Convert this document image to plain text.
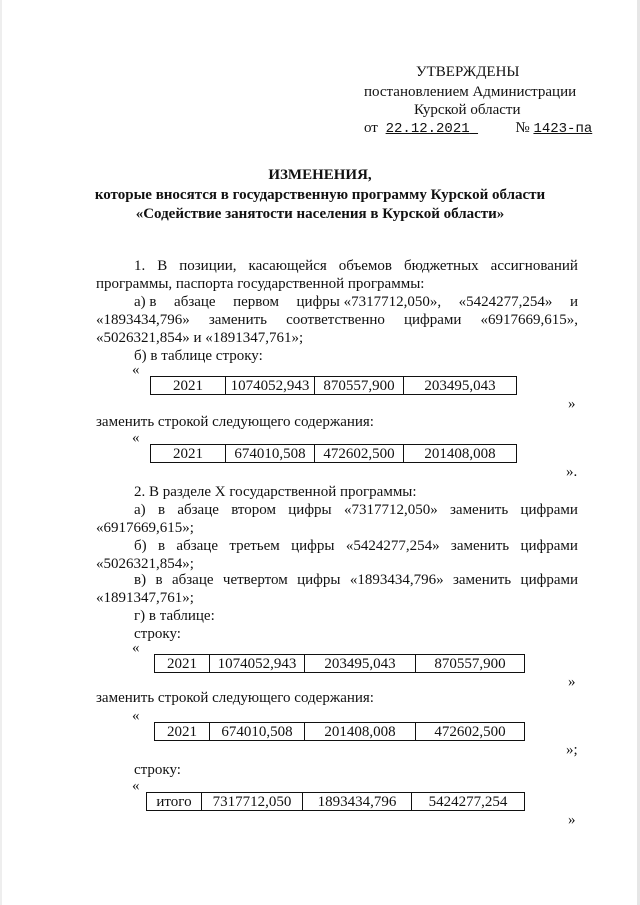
УТВЕРЖДЕНЫ
постановлением Администрации
Курской области
от 22.12.2021	№ 1423-па
ИЗМЕНЕНИЯ,
которые вносятся в государственную программу Курской области
«Содействие занятости населения в Курской области»
1. В позиции, касающейся объемов бюджетных ассигнований
программы, паспорта государственной программы:
а) в абзаце первом цифры «7317712,050», «5424277,254» и
«1893434,796» заменить соответственно цифрами «6917669,615»,
«5026321,854» и «1891347,761»;
б) в таблице строку:
«
2021	1074052,943	870557,900	203495,043
»
заменить строкой следующего содержания:
«
2021	674010,508	472602,500	201408,008
».
2. В разделе X государственной программы:
а) в абзаце втором цифры «7317712,050» заменить цифрами
«6917669,615»;
б) в абзаце третьем цифры «5424277,254» заменить цифрами
«5026321,854»;
в) в абзаце четвертом цифры «1893434,796» заменить цифрами
«1891347,761»;
г) в таблице:
строку:
«
2021	1074052,943	203495,043	870557,900
»
заменить строкой следующего содержания:
«
2021	674010,508	201408,008	472602,500
»;
строку:
«
итого	7317712,050	1893434,796	5424277,254
»
